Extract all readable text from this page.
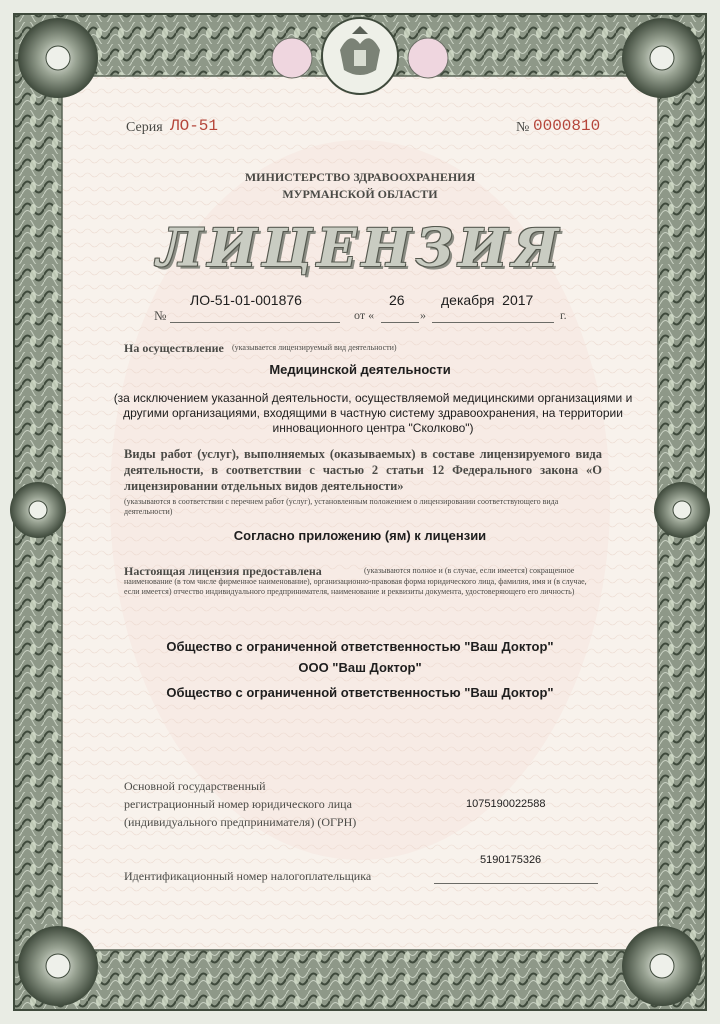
Серия ЛО-51	№ 0000810
МИНИСТЕРСТВО ЗДРАВООХРАНЕНИЯ
МУРМАНСКОЙ ОБЛАСТИ
ЛИЦЕНЗИЯ
№
ЛО-51-01-001876
от «
26
»
декабря  2017
г.
На осуществление (указывается лицензируемый вид деятельности)
Медицинской деятельности
(за исключением указанной деятельности, осуществляемой медицинскими организациями и другими организациями, входящими в частную систему здравоохранения, на территории инновационного центра "Сколково")
Виды работ (услуг), выполняемых (оказываемых) в составе лицензируемого вида деятельности, в соответствии с частью 2 статьи 12 Федерального закона «О лицензировании отдельных видов деятельности»
(указываются в соответствии с перечнем работ (услуг), установленным положением о лицензировании соответствующего вида деятельности)
Согласно приложению (ям) к лицензии
Настоящая лицензия предоставлена	(указываются полное и (в случае, если имеется) сокращенное наименование (в том числе фирменное наименование), организационно-правовая форма юридического лица, фамилия, имя и (в случае, если имеется) отчество индивидуального предпринимателя, наименование и реквизиты документа, удостоверяющего его личность)
Общество с ограниченной ответственностью "Ваш Доктор"
ООО "Ваш Доктор"
Общество с ограниченной ответственностью "Ваш Доктор"
Основной государственный
регистрационный номер юридического лица
(индивидуального предпринимателя) (ОГРН)
1075190022588
5190175326
Идентификационный номер налогоплательщика
